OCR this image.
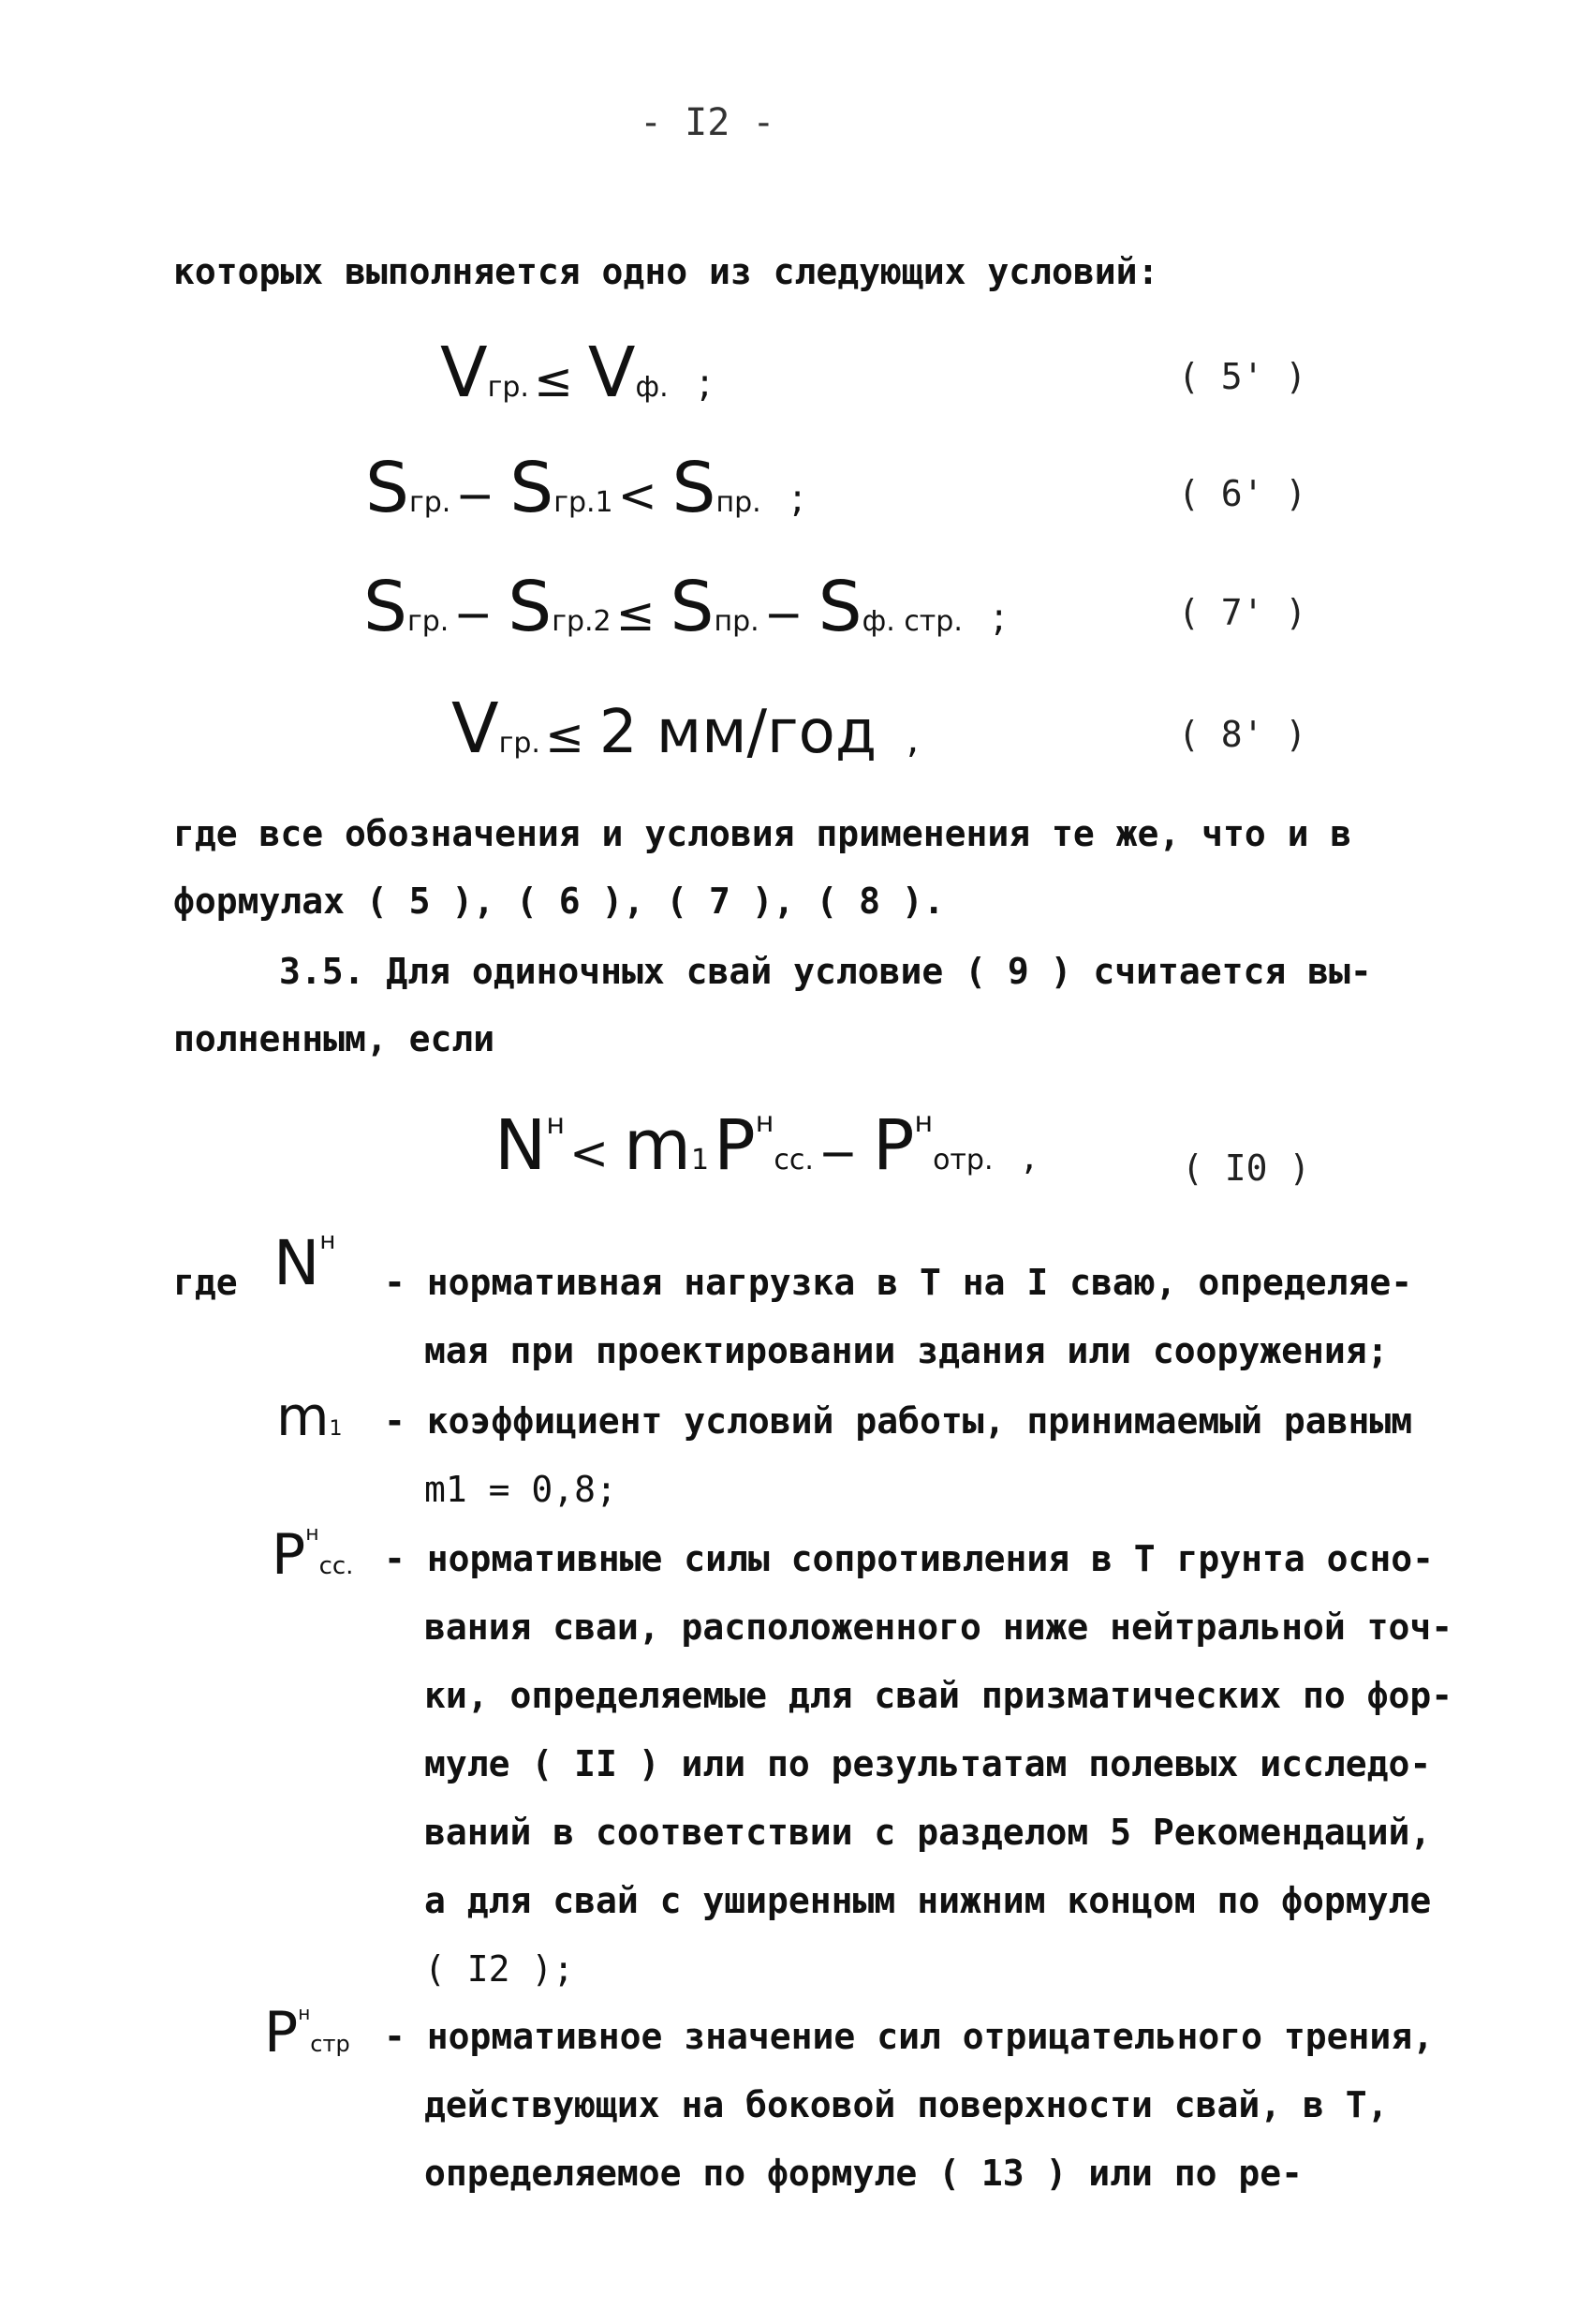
- I2 -
которых выполняется одно из следующих условий:
Vгр. ≤ Vф.   ;	( 5' )
Sгр. − Sгр.1 < Sпр.   ;	( 6' )
Sгр. − Sгр.2 ≤ Sпр. − Sф. стр.   ;	( 7' )
Vгр. ≤ 2 мм/год   ,	( 8' )
где все обозначения и условия применения те же, что и в
формулах ( 5 ), ( 6 ), ( 7 ), ( 8 ).
3.5. Для одиночных свай условие ( 9 ) считается вы-
полненным, если
$N^н < m1$ Pнсс. − Pнотр.   ,	( I0 )
где Nн
- нормативная нагрузка в Т на I сваю, определяе-
мая при проектировании здания или сооружения;
m1 - коэффициент условий работы, принимаемый равным
m1 = 0,8;
Pнсс. - нормативные силы сопротивления в Т грунта осно-
вания сваи, расположенного ниже нейтральной точ-
ки, определяемые для свай призматических по фор-
муле ( II ) или по результатам полевых исследо-
ваний в соответствии с разделом 5 Рекомендаций,
а для свай с уширенным нижним концом по формуле
( I2 );
Pнстр - нормативное значение сил отрицательного трения,
действующих на боковой поверхности свай, в Т,
определяемое по формуле ( 13 ) или по ре-
